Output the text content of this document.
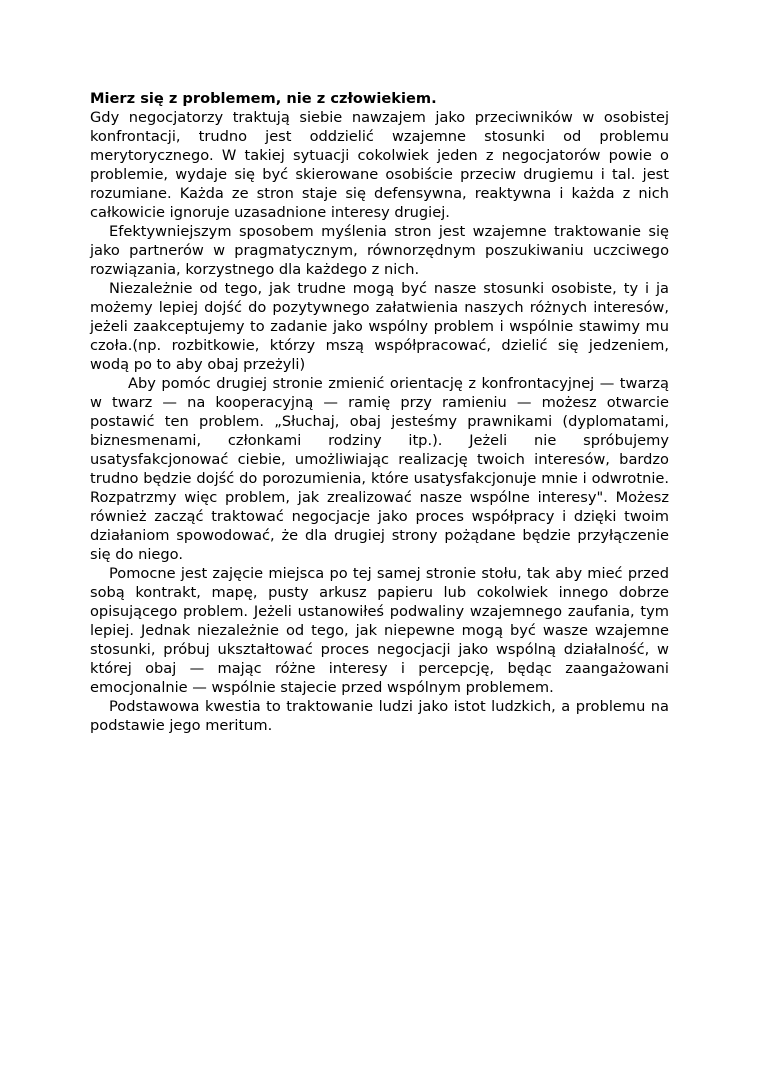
Mierz się z problemem, nie z człowiekiem.

Gdy negocjatorzy traktują siebie nawzajem jako przeciwników w osobistej konfrontacji, trudno jest oddzielić wzajemne stosunki od problemu merytorycznego. W takiej sytuacji cokolwiek jeden z negocjatorów powie o problemie, wydaje się być skierowane osobiście przeciw drugiemu i tal. jest rozumiane. Każda ze stron staje się defensywna, reaktywna i każda z nich całkowicie ignoruje uzasadnione interesy drugiej.

Efektywniejszym sposobem myślenia stron jest wzajemne traktowanie się jako partnerów w pragmatycznym, równorzędnym poszukiwaniu uczciwego rozwiązania, korzystnego dla każdego z nich.

Niezależnie od tego, jak trudne mogą być nasze stosunki osobiste, ty i ja możemy lepiej dojść do pozytywnego załatwienia naszych różnych interesów, jeżeli zaakceptujemy to zadanie jako wspólny problem i wspólnie stawimy mu czoła.(np. rozbitkowie, którzy mszą współpracować, dzielić się jedzeniem, wodą po to aby obaj przeżyli)

Aby pomóc drugiej stronie zmienić orientację z konfrontacyjnej — twarzą w twarz — na kooperacyjną — ramię przy ramieniu — możesz otwarcie postawić ten problem. „Słuchaj, obaj jesteśmy prawnikami (dyplomatami, biznesmenami, członkami rodziny itp.). Jeżeli nie spróbujemy usatysfakcjonować ciebie, umożliwiając realizację twoich interesów, bardzo trudno będzie dojść do porozumienia, które usatysfakcjonuje mnie i odwrotnie. Rozpatrzmy więc problem, jak zrealizować nasze wspólne interesy". Możesz również zacząć traktować negocjacje jako proces współpracy i dzięki twoim działaniom spowodować, że dla drugiej strony pożądane będzie przyłączenie się do niego.

Pomocne jest zajęcie miejsca po tej samej stronie stołu, tak aby mieć przed sobą kontrakt, mapę, pusty arkusz papieru lub cokolwiek innego dobrze opisującego problem. Jeżeli ustanowiłeś podwaliny wzajemnego zaufania, tym lepiej. Jednak niezależnie od tego, jak niepewne mogą być wasze wzajemne stosunki, próbuj ukształtować proces negocjacji jako wspólną działalność, w której obaj — mając różne interesy i percepcję, będąc zaangażowani emocjonalnie — wspólnie stajecie przed wspólnym problemem.

Podstawowa kwestia to traktowanie ludzi jako istot ludzkich, a problemu na podstawie jego meritum.
